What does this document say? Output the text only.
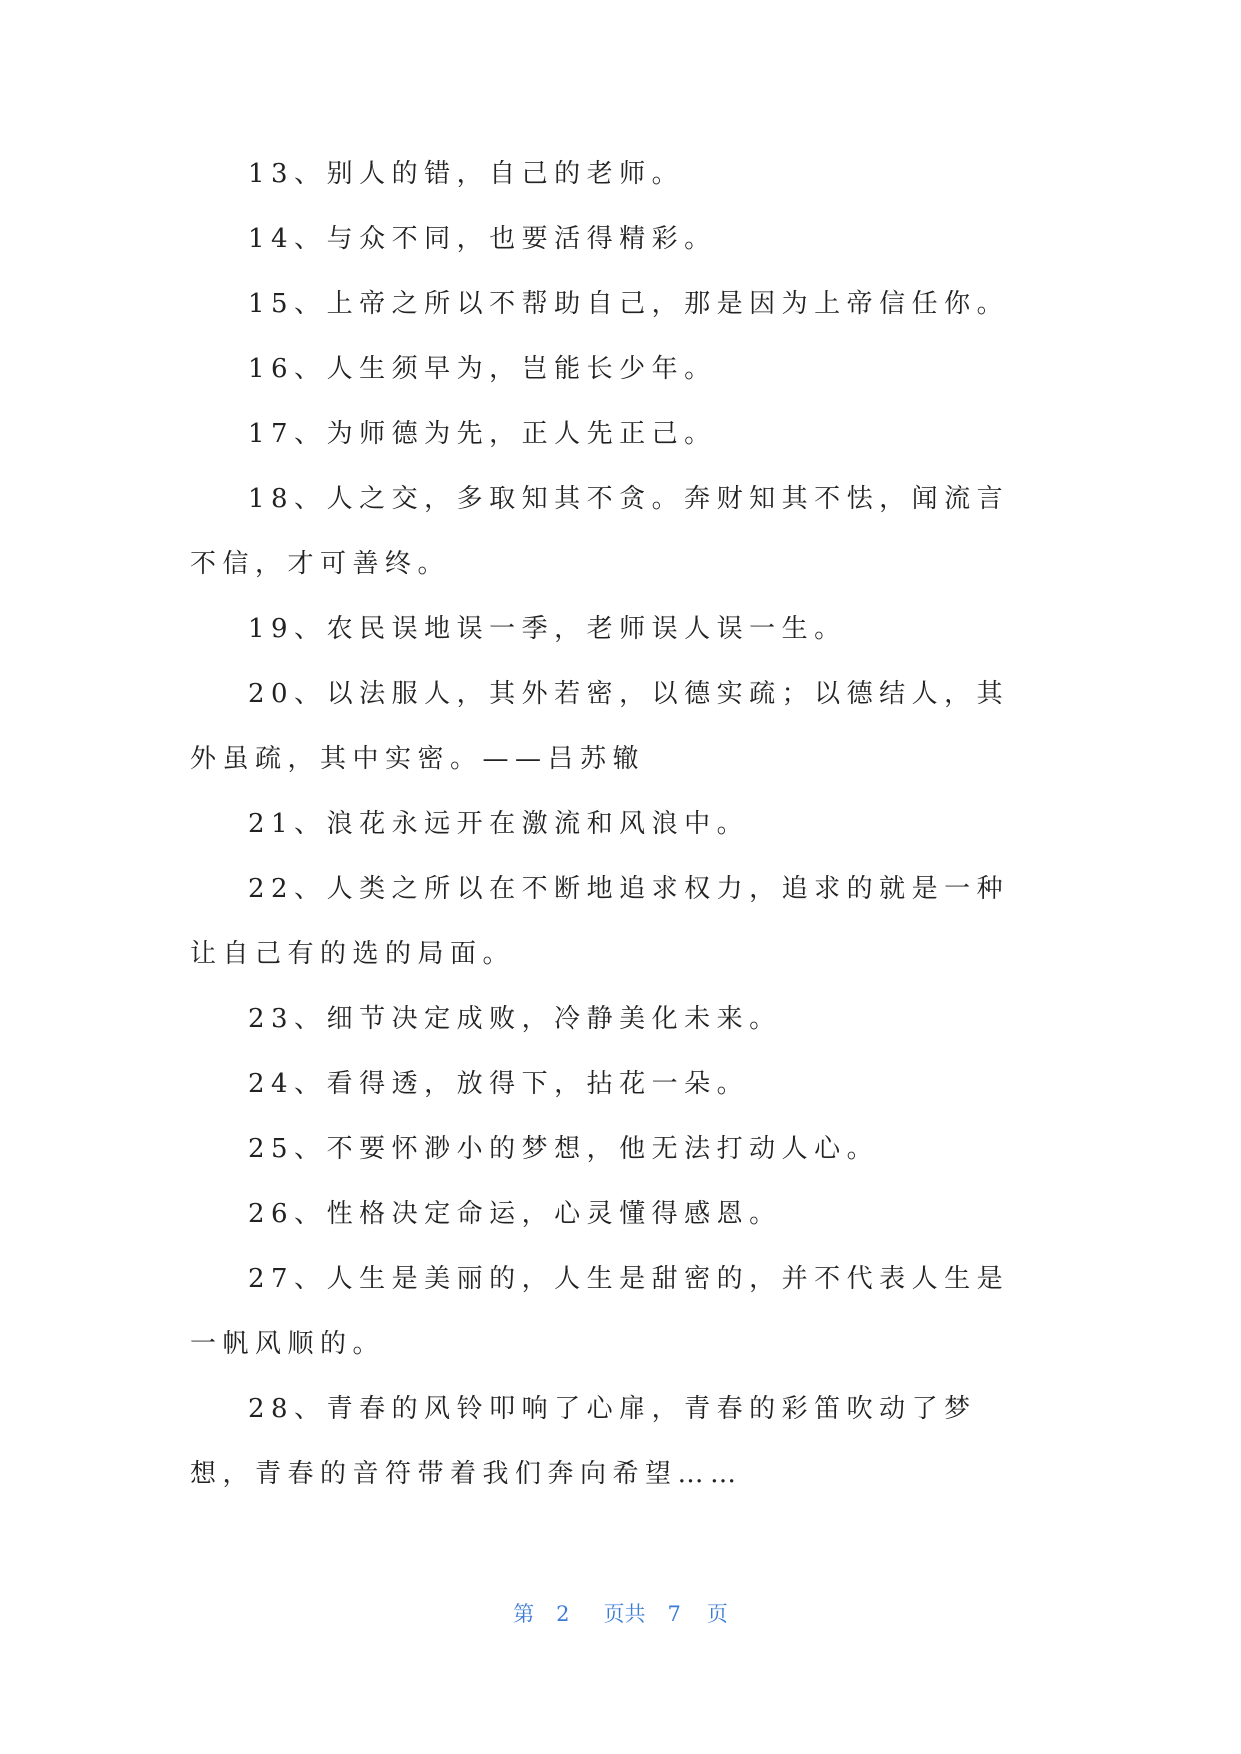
13、别人的错，自己的老师。

14、与众不同，也要活得精彩。

15、上帝之所以不帮助自己，那是因为上帝信任你。

16、人生须早为，岂能长少年。

17、为师德为先，正人先正己。

18、人之交，多取知其不贪。奔财知其不怯，闻流言不信，才可善终。

19、农民误地误一季，老师误人误一生。

20、以法服人，其外若密，以德实疏；以德结人，其外虽疏，其中实密。——吕苏辙

21、浪花永远开在激流和风浪中。

22、人类之所以在不断地追求权力，追求的就是一种让自己有的选的局面。

23、细节决定成败，冷静美化未来。

24、看得透，放得下，拈花一朵。

25、不要怀渺小的梦想，他无法打动人心。

26、性格决定命运，心灵懂得感恩。

27、人生是美丽的，人生是甜密的，并不代表人生是一帆风顺的。

28、青春的风铃叩响了心扉，青春的彩笛吹动了梦想，青春的音符带着我们奔向希望……

第 2 页共 7 页
